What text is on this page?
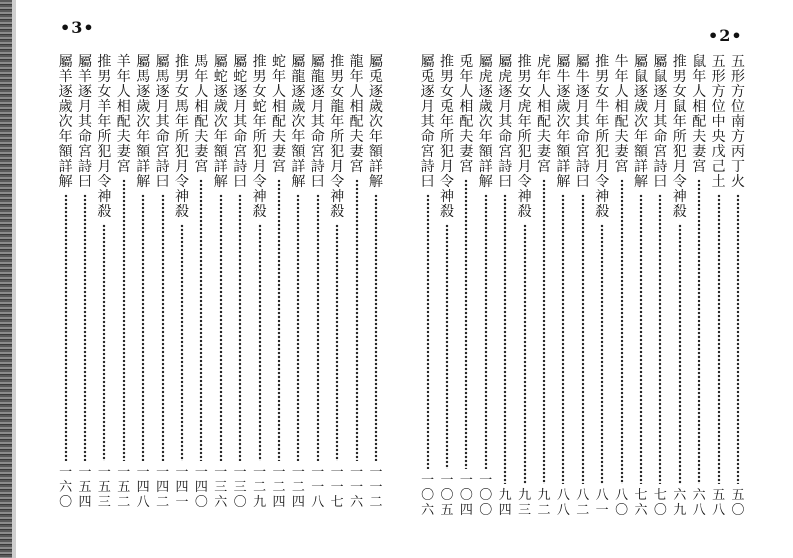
•3•	•2•
屬兎逐歲次年額詳解
一一二
龍年人相配夫妻宮
一一六
推男女龍年所犯月令神殺
一一七
屬龍逐月其命宮詩曰
一一八
屬龍逐歲次年額詳解
一二四
蛇年人相配夫妻宮
一二四
推男女蛇年所犯月令神殺
一二九
屬蛇逐月其命宮詩曰
一三〇
屬蛇逐歲次年額詳解
一三六
馬年人相配夫妻宮
一四〇
推男女馬年所犯月令神殺
一四一
屬馬逐月其命宮詩曰
一四二
屬馬逐歲次年額詳解
一四八
羊年人相配夫妻宮
一五二
推男女羊年所犯月令神殺
一五三
屬羊逐月其命宮詩曰
一五四
屬羊逐歲次年額詳解
一六〇
五形方位南方丙丁火
五〇
五形方位中央戊己土
五八
鼠年人相配夫妻宮
六八
推男女鼠年所犯月令神殺
六九
屬鼠逐月其命宮詩曰
七〇
屬鼠逐歲次年額詳解
七六
牛年人相配夫妻宮
八〇
推男女牛年所犯月令神殺
八一
屬牛逐月其命宮詩曰
八二
屬牛逐歲次年額詳解
八八
虎年人相配夫妻宮
九二
推男女虎年所犯月令神殺
九三
屬虎逐月其命宮詩曰
九四
屬虎逐歲次年額詳解
一〇〇
兎年人相配夫妻宮
一〇四
推男女兎年所犯月令神殺
一〇五
屬兎逐月其命宮詩曰
一〇六
